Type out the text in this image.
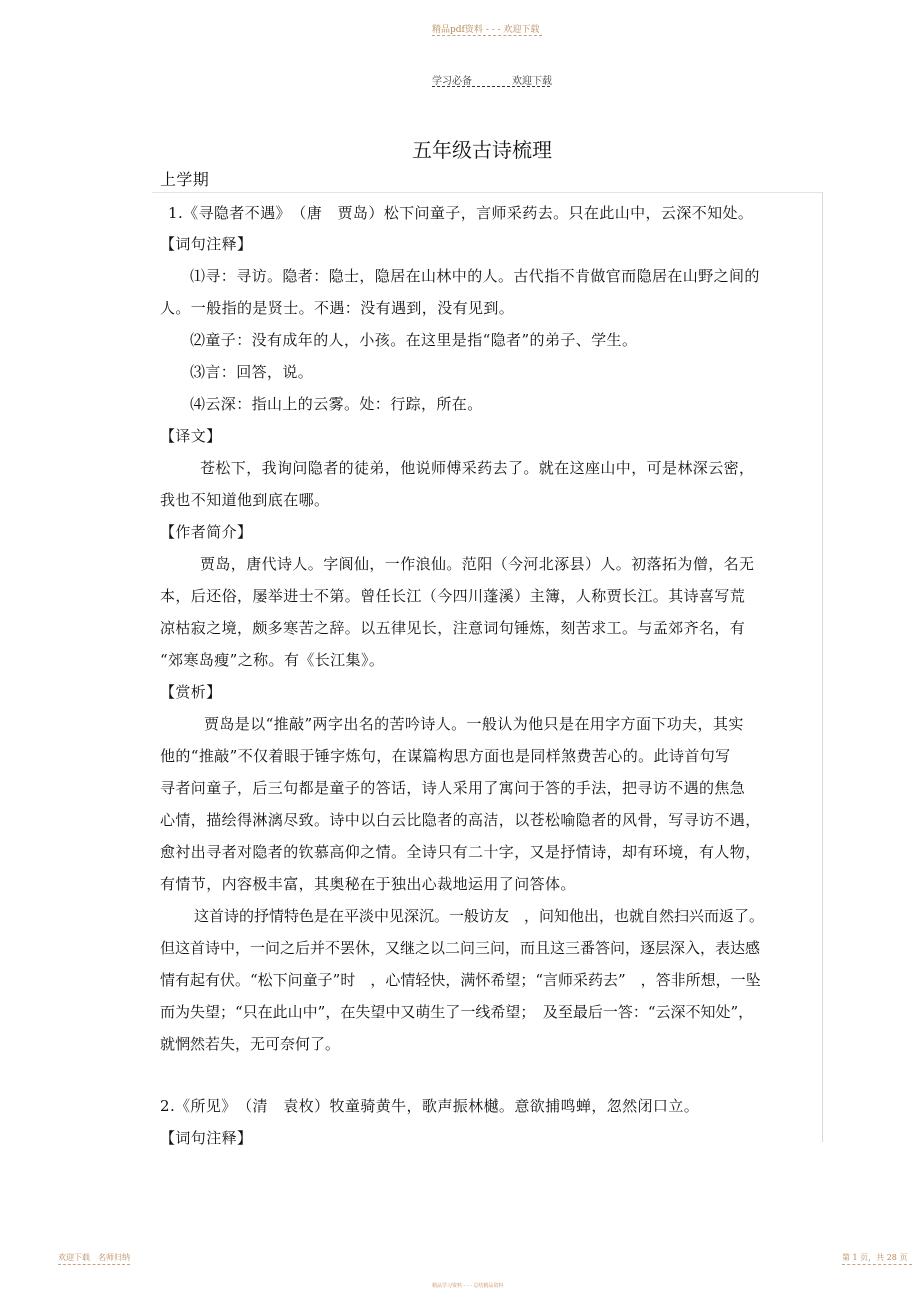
精品pdf资料 - - - 欢迎下载
学习必备	欢迎下载
五年级古诗梳理
上学期
1.《寻隐者不遇》　（唐　贾岛）松下问童子，言师采药去。只在此山中，云深不知处。
【词句注释】
⑴寻：寻访。隐者：隐士，隐居在山林中的人。古代指不肯做官而隐居在山野之间的
人。一般指的是贤士。不遇：没有遇到，没有见到。
⑵童子：没有成年的人，小孩。在这里是指“隐者”的弟子、学生。
⑶言：回答，说。
⑷云深：指山上的云雾。处：行踪，所在。
【译文】
苍松下，我询问隐者的徒弟，他说师傅采药去了。就在这座山中，可是林深云密，
我也不知道他到底在哪。
【作者简介】
贾岛，唐代诗人。字阆仙，一作浪仙。范阳（今河北涿县）人。初落拓为僧，名无
本，后还俗，屡举进士不第。曾任长江（今四川蓬溪）主簿，人称贾长江。其诗喜写荒
凉枯寂之境，颇多寒苦之辞。以五律见长，注意词句锤炼，刻苦求工。与孟郊齐名，有
“郊寒岛瘦”之称。有《长江集》。
【赏析】
贾岛是以“推敲”两字出名的苦吟诗人。一般认为他只是在用字方面下功夫，其实
他的“推敲”不仅着眼于锤字炼句，在谋篇构思方面也是同样煞费苦心的。此诗首句写
寻者问童子，后三句都是童子的答话，诗人采用了寓问于答的手法，把寻访不遇的焦急
心情，描绘得淋漓尽致。诗中以白云比隐者的高洁，以苍松喻隐者的风骨，写寻访不遇，
愈衬出寻者对隐者的钦慕高仰之情。全诗只有二十字，又是抒情诗，却有环境，有人物，
有情节，内容极丰富，其奥秘在于独出心裁地运用了问答体。
这首诗的抒情特色是在平淡中见深沉。一般访友　，问知他出，也就自然扫兴而返了。
但这首诗中，一问之后并不罢休，又继之以二问三问，而且这三番答问，逐层深入，表达感
情有起有伏。“松下问童子”时　，心情轻快，满怀希望；“言师采药去”　，答非所想，一坠
而为失望；“只在此山中”，在失望中又萌生了一线希望；　及至最后一答：“云深不知处”，
就惘然若失，无可奈何了。
2.《所见》　（清　袁枚）牧童骑黄牛，歌声振林樾。意欲捕鸣蝉，忽然闭口立。
【词句注释】
欢迎下载　名师归纳	第 1 页，共 28 页
精品学习资料 - - - 总结精品资料
